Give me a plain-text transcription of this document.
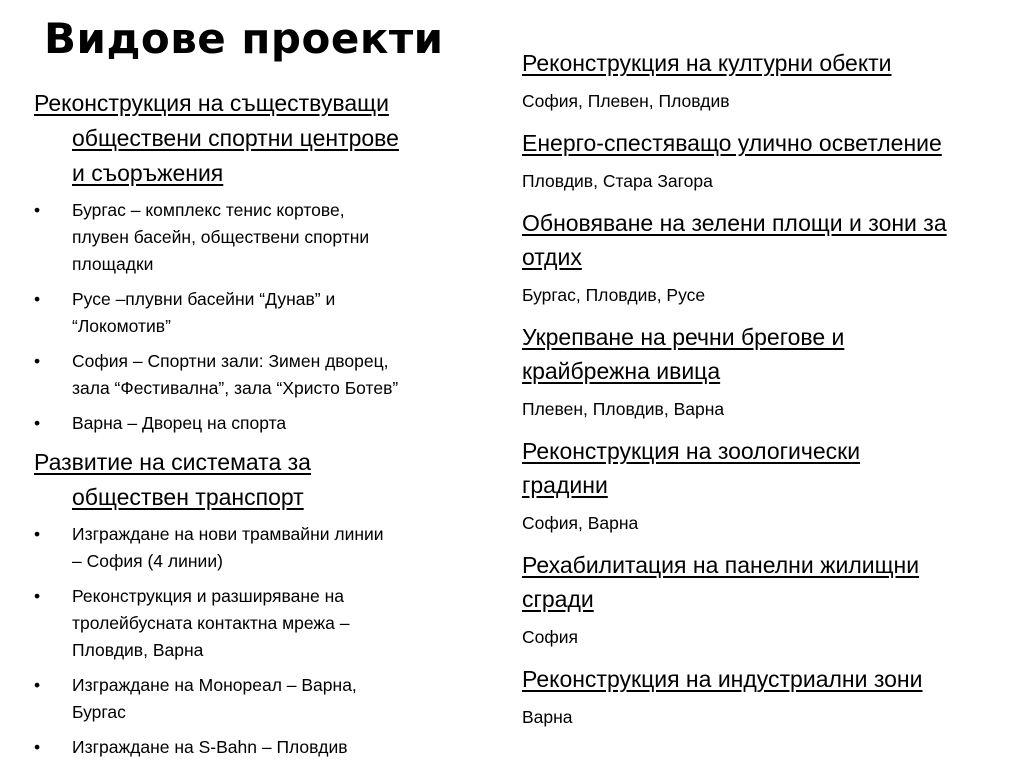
Видове проекти

Реконструкция на съществуващи
обществени спортни центрове
и съоръжения

•	Бургас – комплекс тенис кортове,
плувен басейн, обществени спортни
площадки
•	Русе –плувни басейни “Дунав” и
“Локомотив”
•	София – Спортни зали: Зимен дворец,
зала “Фестивална”, зала “Христо Ботев”
•	Варна – Дворец на спорта

Развитие на системата за
обществен транспорт

•	Изграждане на нови трамвайни линии
– София (4 линии)
•	Реконструкция и разширяване на
тролейбусната контактна мрежа –
Пловдив, Варна
•	Изграждане на Монореал – Варна,
Бургас
•	Изграждане на S-Bahn – Пловдив

Реконструкция на културни обекти

София, Плевен, Пловдив

Енерго-спестяващо улично осветление

Пловдив, Стара Загора

Обновяване на зелени площи и зони за
отдих

Бургас, Пловдив, Русе

Укрепване на речни брегове и
крайбрежна ивица

Плевен, Пловдив, Варна

Реконструкция на зоологически
градини

София, Варна

Рехабилитация на панелни жилищни
сгради

София

Реконструкция на индустриални зони

Варна
